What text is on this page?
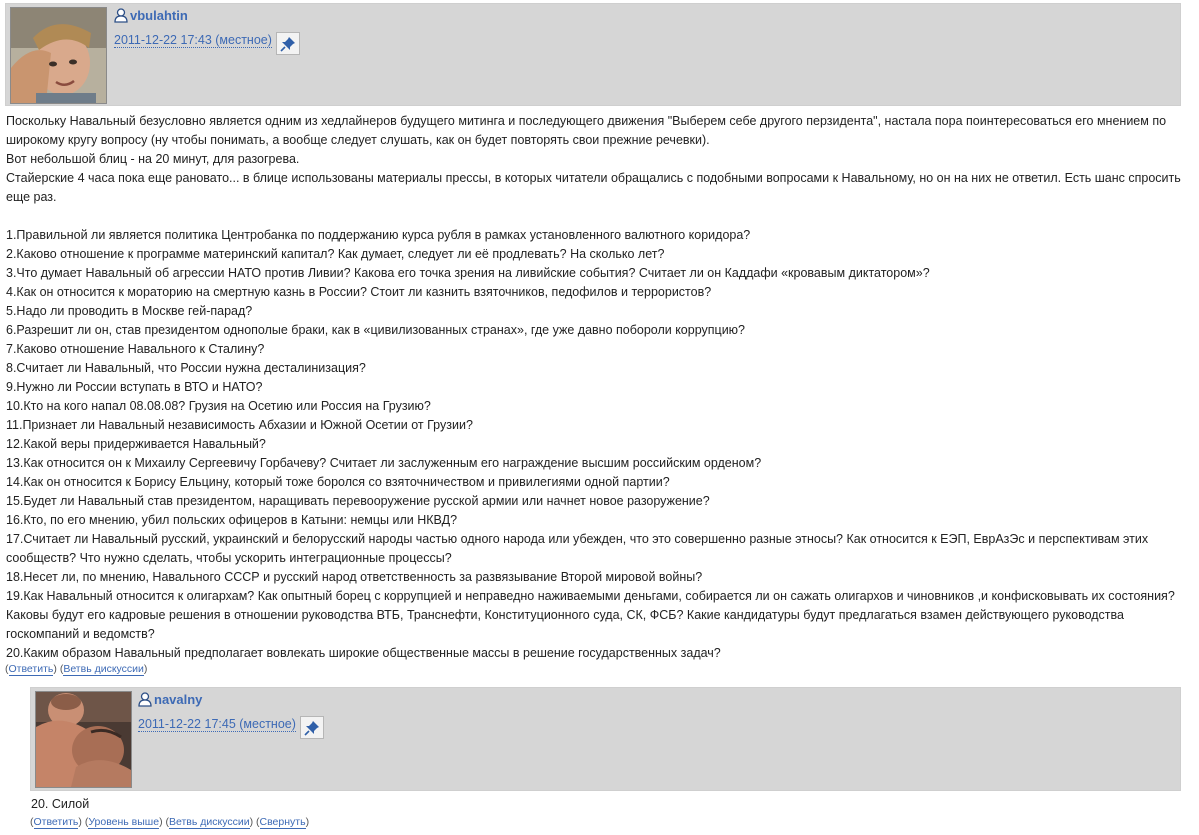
vbulahtin
2011-12-22 17:43 (местное)

Поскольку Навальный безусловно является одним из хедлайнеров будущего митинга и последующего движения "Выберем себе другого перзидента", настала пора поинтересоваться его мнением по широкому кругу вопросу (ну чтобы понимать, а вообще следует слушать, как он будет повторять свои прежние речевки).

Вот небольшой блиц - на 20 минут, для разогрева.

Стайерские 4 часа пока еще рановато... в блице использованы материалы прессы, в которых читатели обращались с подобными вопросами к Навальному, но он на них не ответил. Есть шанс спросить еще раз.

1.Правильной ли является политика Центробанка по поддержанию курса рубля в рамках установленного валютного коридора?

2.Каково отношение к программе материнский капитал? Как думает, следует ли её продлевать? На сколько лет?

3.Что думает Навальный об агрессии НАТО против Ливии? Какова его точка зрения на ливийские события? Считает ли он Каддафи «кровавым диктатором»?

4.Как он относится к мораторию на смертную казнь в России? Стоит ли казнить взяточников, педофилов и террористов?

5.Надо ли проводить в Москве гей-парад?

6.Разрешит ли он, став президентом однополые браки, как в «цивилизованных странах», где уже давно побороли коррупцию?

7.Каково отношение Навального к Сталину?

8.Считает ли Навальный, что России нужна десталинизация?

9.Нужно ли России вступать в ВТО и НАТО?

10.Кто на кого напал 08.08.08? Грузия на Осетию или Россия на Грузию?

11.Признает ли Навальный независимость Абхазии и Южной Осетии от Грузии?

12.Какой веры придерживается Навальный?

13.Как относится он к Михаилу Сергеевичу Горбачеву? Считает ли заслуженным его награждение высшим российским орденом?

14.Как он относится к Борису Ельцину, который тоже боролся со взяточничеством и привилегиями одной партии?

15.Будет ли Навальный став президентом, наращивать перевооружение русской армии или начнет новое разоружение?

16.Кто, по его мнению, убил польских офицеров в Катыни: немцы или НКВД?

17.Считает ли Навальный русский, украинский и белорусский народы частью одного народа или убежден, что это совершенно разные этносы? Как относится к ЕЭП, ЕврАзЭс и перспективам этих сообществ? Что нужно сделать, чтобы ускорить интеграционные процессы?

18.Несет ли, по мнению, Навального СССР и русский народ ответственность за развязывание Второй мировой войны?

19.Как Навальный относится к олигархам? Как опытный борец с коррупцией и неправедно наживаемыми деньгами, собирается ли он сажать олигархов и чиновников ,и конфисковывать их состояния? Каковы будут его кадровые решения в отношении руководства ВТБ, Транснефти, Конституционного суда, СК, ФСБ? Какие кандидатуры будут предлагаться взамен действующего руководства госкомпаний и ведомств?

20.Каким образом Навальный предполагает вовлекать широкие общественные массы в решение государственных задач?

(Ответить) (Ветвь дискуссии)
navalny
2011-12-22 17:45 (местное)
20. Силой
(Ответить) (Уровень выше) (Ветвь дискуссии) (Свернуть)
